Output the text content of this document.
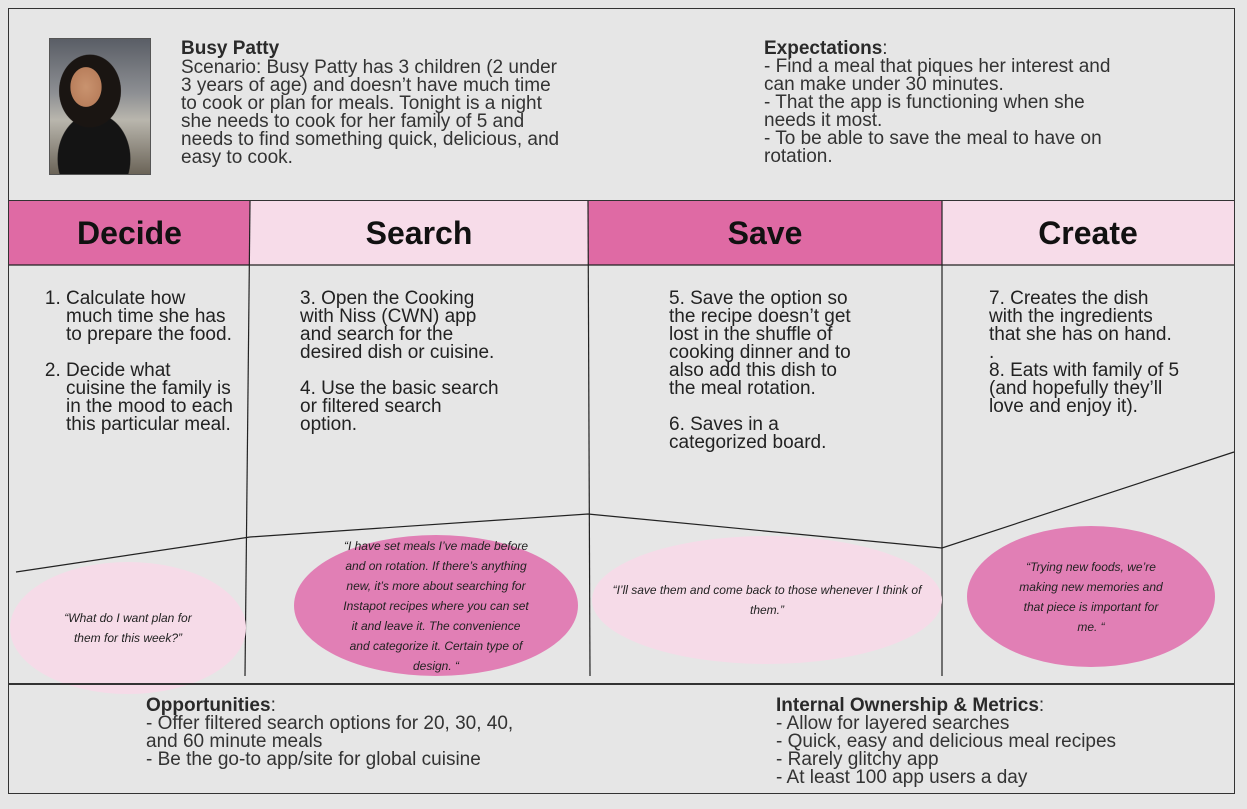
Busy Patty
Scenario: Busy Patty has 3 children (2 under 3 years of age) and doesn’t have much time to cook or plan for meals. Tonight is a night she needs to cook for her family of 5 and needs to find something quick, delicious, and easy to cook.
Expectations:
- Find a meal that piques her interest and can make under 30 minutes.
- That the app is functioning when she needs it most.
- To be able to save the meal to have on rotation.
Decide	Search	Save	Create
1. Calculate how much time she has to prepare the food.
2. Decide what cuisine the family is in the mood to each this particular meal.

3. Open the Cooking with Niss (CWN) app and search for the desired dish or cuisine.

4. Use the basic search or filtered search option.

5. Save the option so the recipe doesn’t get lost in the shuffle of cooking dinner and to also add this dish to the meal rotation.

6. Saves in a categorized board.

7. Creates the dish with the ingredients that she has on hand.
.

8. Eats with family of 5 (and hopefully they’ll love and enjoy it).

“What do I want plan for them for this week?”
“I have set meals I’ve made before and on rotation. If there’s anything new, it’s more about searching for Instapot recipes where you can set it and leave it. The convenience and categorize it. Certain type of design. “
“I’ll save them and come back to those whenever I think of them.”
“Trying new foods, we’re making new memories and that piece is important for me. “
Opportunities:
- Offer filtered search options for 20, 30, 40, and 60 minute meals
- Be the go-to app/site for global cuisine
Internal Ownership & Metrics:
- Allow for layered searches
- Quick, easy and delicious meal recipes
- Rarely glitchy app
- At least 100 app users a day
